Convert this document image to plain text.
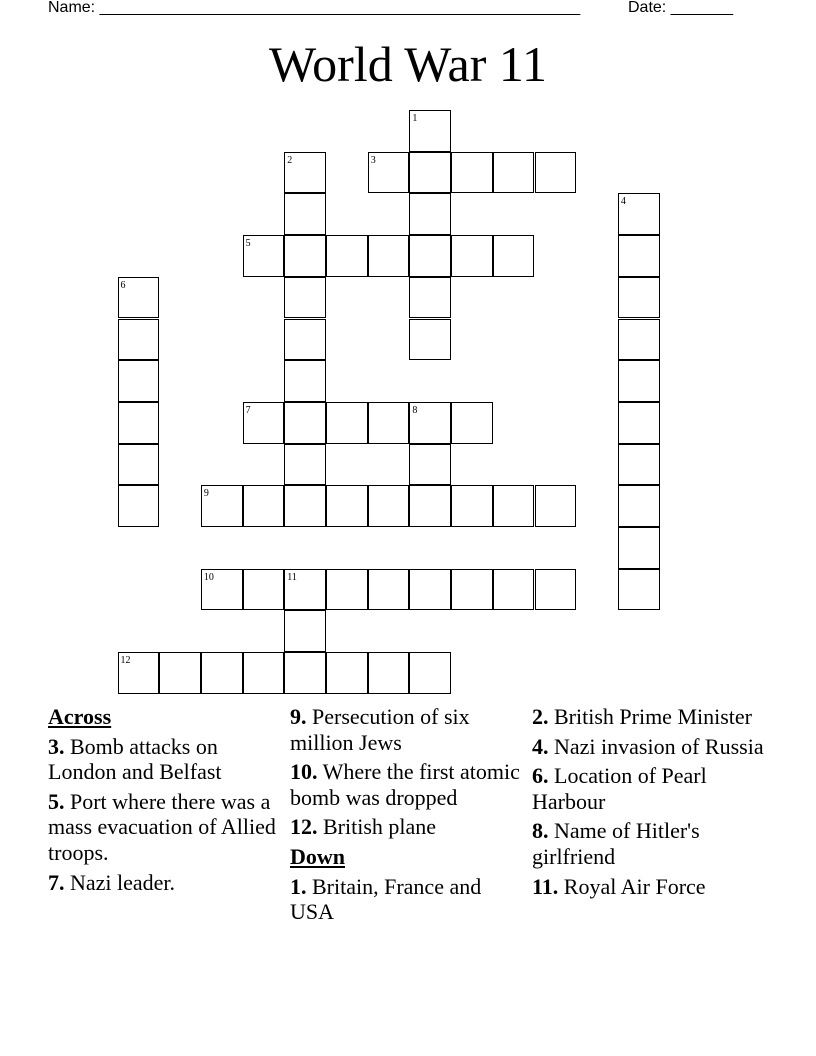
Name: ______________________________________________________	Date: _______
World War 11
1
2	3
4
5
6
7	8
9
10	11
12
Across
3. Bomb attacks on London and Belfast
5. Port where there was a mass evacuation of Allied troops.
7. Nazi leader.
9. Persecution of six million Jews
10. Where the first atomic bomb was dropped
12. British plane
Down
1. Britain, France and USA
2. British Prime Minister
4. Nazi invasion of Russia
6. Location of Pearl Harbour
8. Name of Hitler's girlfriend
11. Royal Air Force
